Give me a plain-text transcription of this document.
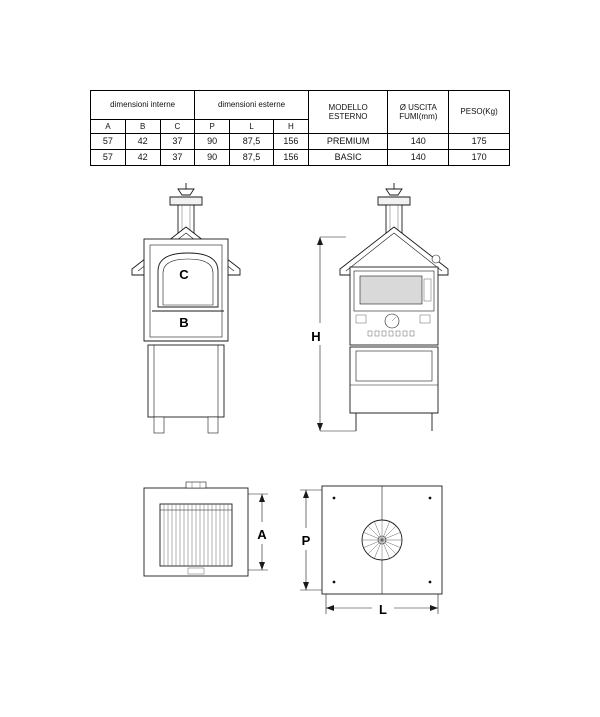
dimensioni interne			dimensioni esterne			MODELLO ESTERNO	Ø USCITA FUMI(mm)	PESO(Kg)
A	B	C	P	L	H			
57	42	37	90	87,5	156	PREMIUM	140	175
57	42	37	90	87,5	156	BASIC	140	170
C
B
H
A	P
L
